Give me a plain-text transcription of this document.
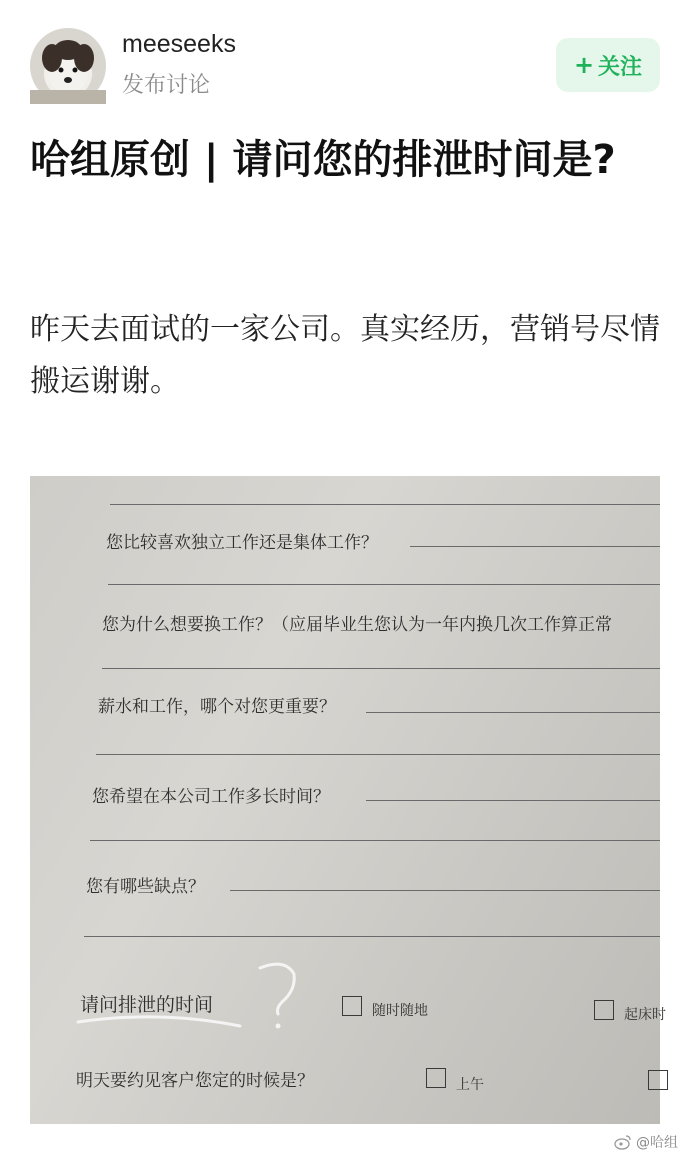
meeseeks
发布讨论
+ 关注
哈组原创 | 请问您的排泄时间是?
昨天去面试的一家公司。真实经历，营销号尽情搬运谢谢。
您比较喜欢独立工作还是集体工作？
您为什么想要换工作？（应届毕业生您认为一年内换几次工作算正常
薪水和工作，哪个对您更重要？
您希望在本公司工作多长时间？
您有哪些缺点？
请问排泄的时间	随时随地	起床时
明天要约见客户您定的时候是？	上午
@哈组
